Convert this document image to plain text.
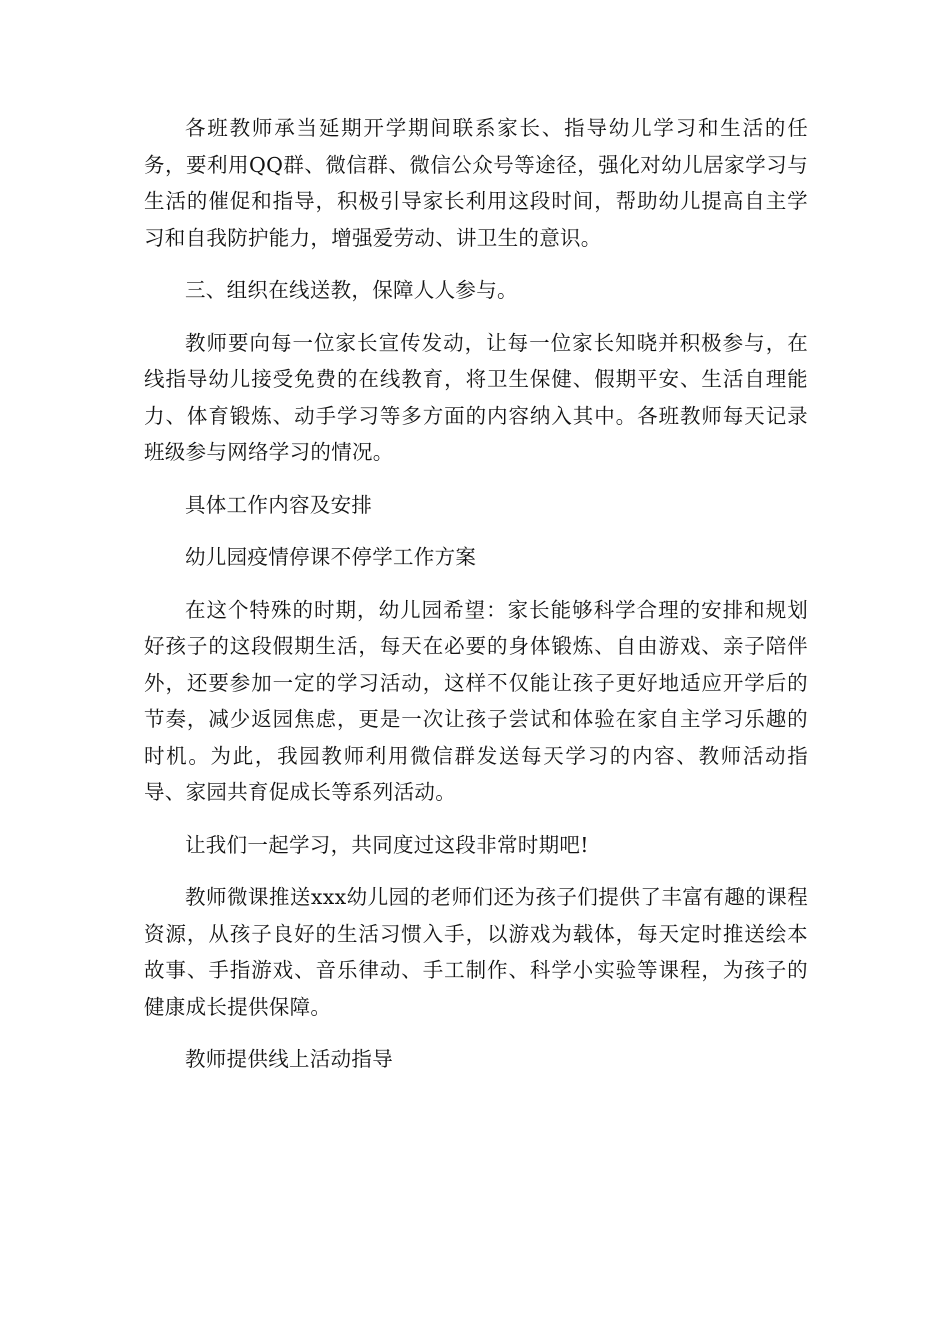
各班教师承当延期开学期间联系家长、指导幼儿学习和生活的任务，要利用QQ群、微信群、微信公众号等途径，强化对幼儿居家学习与生活的催促和指导，积极引导家长利用这段时间，帮助幼儿提高自主学习和自我防护能力，增强爱劳动、讲卫生的意识。

三、组织在线送教，保障人人参与。

教师要向每一位家长宣传发动，让每一位家长知晓并积极参与，在线指导幼儿接受免费的在线教育，将卫生保健、假期平安、生活自理能力、体育锻炼、动手学习等多方面的内容纳入其中。各班教师每天记录班级参与网络学习的情况。

具体工作内容及安排

幼儿园疫情停课不停学工作方案

在这个特殊的时期，幼儿园希望：家长能够科学合理的安排和规划好孩子的这段假期生活，每天在必要的身体锻炼、自由游戏、亲子陪伴外，还要参加一定的学习活动，这样不仅能让孩子更好地适应开学后的节奏，减少返园焦虑，更是一次让孩子尝试和体验在家自主学习乐趣的时机。为此，我园教师利用微信群发送每天学习的内容、教师活动指导、家园共育促成长等系列活动。

让我们一起学习，共同度过这段非常时期吧!

教师微课推送xxx幼儿园的老师们还为孩子们提供了丰富有趣的课程资源，从孩子良好的生活习惯入手，以游戏为载体，每天定时推送绘本故事、手指游戏、音乐律动、手工制作、科学小实验等课程，为孩子的健康成长提供保障。

教师提供线上活动指导
